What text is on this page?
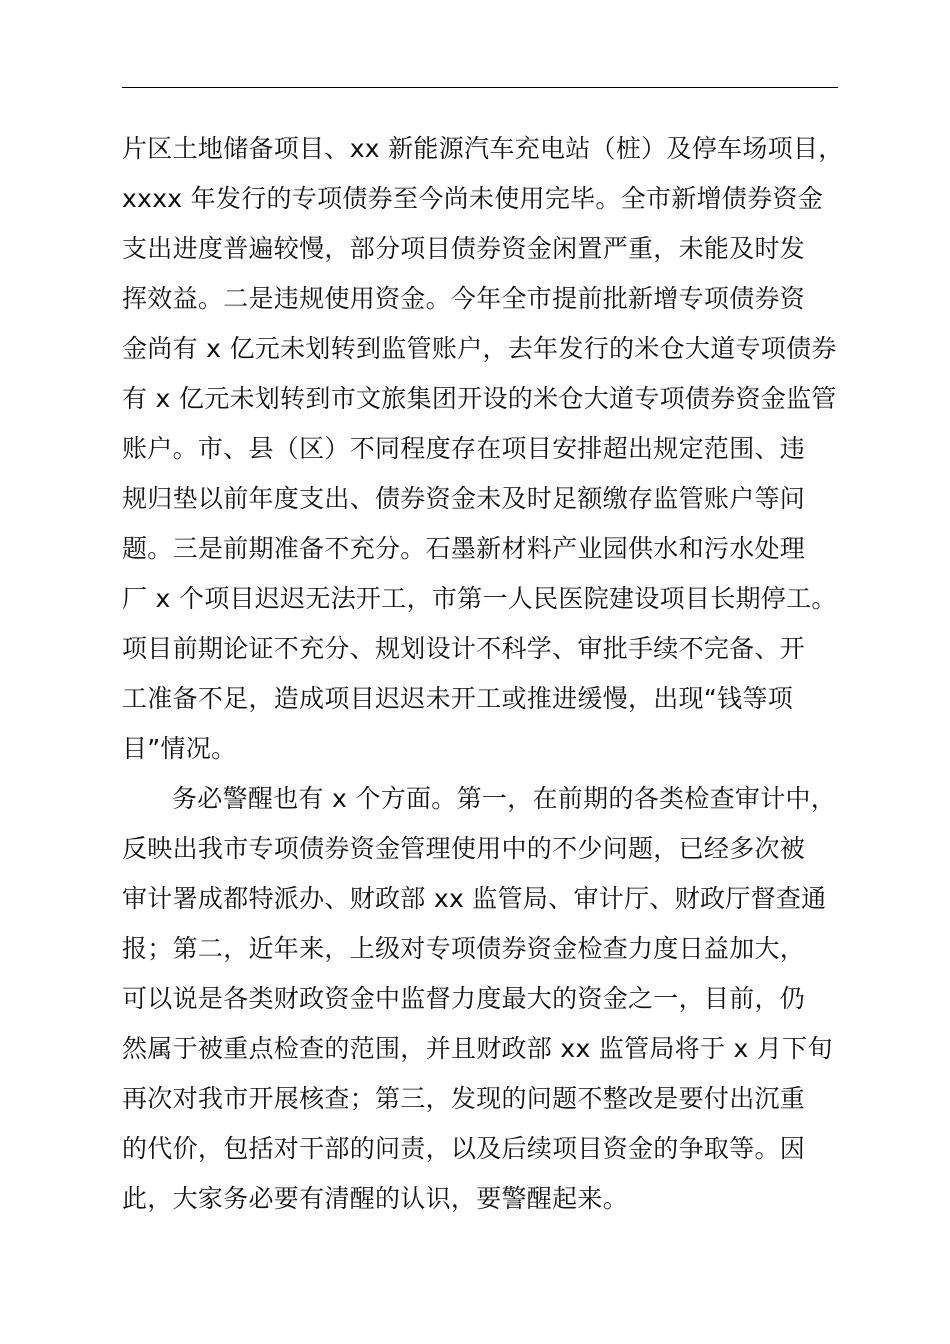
片区土地储备项目、xx 新能源汽车充电站（桩）及停车场项目，
xxxx 年发行的专项债券至今尚未使用完毕。全市新增债券资金
支出进度普遍较慢，部分项目债券资金闲置严重，未能及时发
挥效益。二是违规使用资金。今年全市提前批新增专项债券资
金尚有 x 亿元未划转到监管账户，去年发行的米仓大道专项债券
有 x 亿元未划转到市文旅集团开设的米仓大道专项债券资金监管
账户。市、县（区）不同程度存在项目安排超出规定范围、违
规归垫以前年度支出、债券资金未及时足额缴存监管账户等问
题。三是前期准备不充分。石墨新材料产业园供水和污水处理
厂 x 个项目迟迟无法开工，市第一人民医院建设项目长期停工。
项目前期论证不充分、规划设计不科学、审批手续不完备、开
工准备不足，造成项目迟迟未开工或推进缓慢，出现“钱等项
目”情况。
务必警醒也有 x 个方面。第一，在前期的各类检查审计中，
反映出我市专项债券资金管理使用中的不少问题，已经多次被
审计署成都特派办、财政部 xx 监管局、审计厅、财政厅督查通
报；第二，近年来，上级对专项债券资金检查力度日益加大，
可以说是各类财政资金中监督力度最大的资金之一，目前，仍
然属于被重点检查的范围，并且财政部 xx 监管局将于 x 月下旬
再次对我市开展核查；第三，发现的问题不整改是要付出沉重
的代价，包括对干部的问责，以及后续项目资金的争取等。因
此，大家务必要有清醒的认识，要警醒起来。
